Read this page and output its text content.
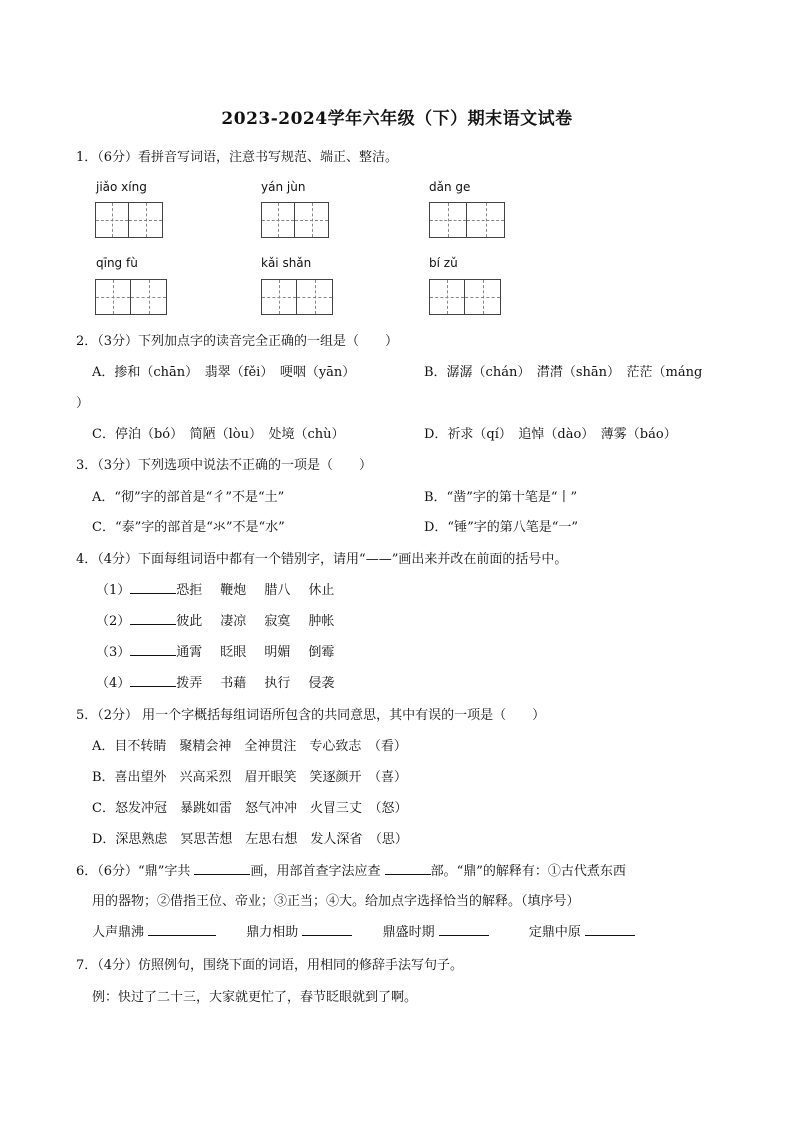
2023-2024学年六年级（下）期末语文试卷
1．（6分）看拼音写词语，注意书写规范、端正、整洁。
jiǎo xíng	yán jùn	dǎn ge
qīng fù	kǎi shǎn	bí zǔ
2．（3分）下列加点字的读音完全正确的一组是（　　）
A．掺和（chān）　翡翠（fěi）　哽咽（yān）	B．潺潺（chán）　潸潸（shān）　茫茫（máng
）
C．停泊（bó）　简陋（lòu）　处境（chù）	D．祈求（qí）　追悼（dào）　薄雾（báo）
3．（3分）下列选项中说法不正确的一项是（　　）
A．“彻”字的部首是“彳”不是“土”	B．“凿”字的第十笔是“丨”
C．“泰”字的部首是“氺”不是“水”	D．“锤”字的第八笔是“一”
4．（4分）下面每组词语中都有一个错别字，请用“——”画出来并改在前面的括号中。
（1）	恐拒 鞭炮 腊八 休止
（2）	彼此 凄凉 寂寞 肿帐
（3）	通霄 眨眼 明媚 倒霉
（4）	拨弄 书藉 执行 侵袭
5．（2分） 用一个字概括每组词语所包含的共同意思，其中有误的一项是（　　）
A．目不转睛　聚精会神　全神贯注　专心致志　（看）
B．喜出望外　兴高采烈　眉开眼笑　笑逐颜开　（喜）
C．怒发冲冠　暴跳如雷　怒气冲冲　火冒三丈　（怒）
D．深思熟虑　冥思苦想　左思右想　发人深省　（思）
6．（6分）“鼎”字共	画，用部首查字法应查	部。“鼎”的解释有：①古代煮东西
用的器物；②借指王位、帝业；③正当；④大。给加点字选择恰当的解释。（填序号）
人声鼎沸	鼎力相助	鼎盛时期	定鼎中原
7．（4分）仿照例句，围绕下面的词语，用相同的修辞手法写句子。
例：快过了二十三，大家就更忙了，春节眨眼就到了啊。
